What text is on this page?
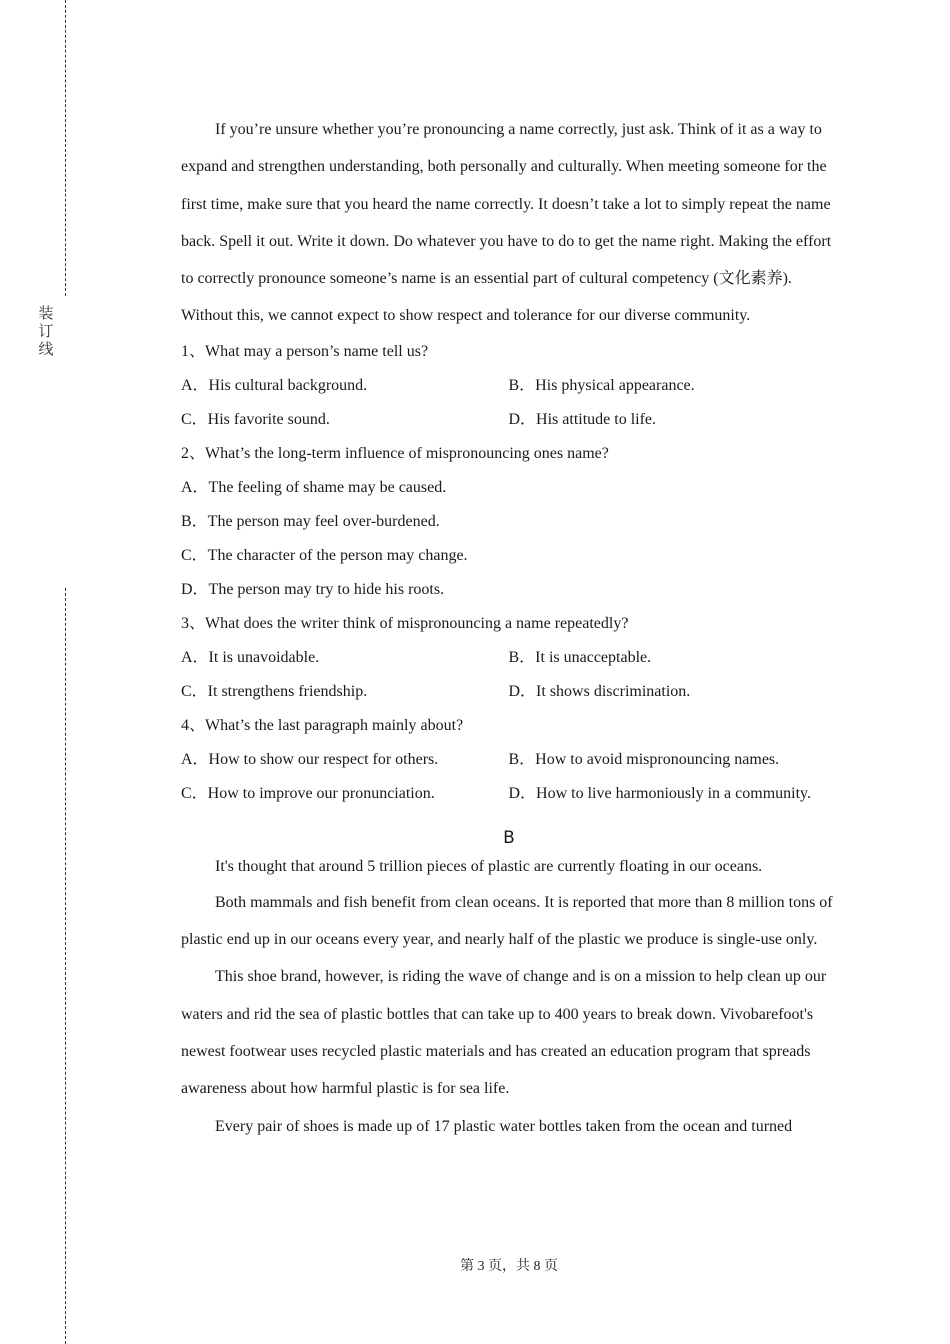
装订线

If you’re unsure whether you’re pronouncing a name correctly, just ask. Think of it as a way to expand and strengthen understanding, both personally and culturally. When meeting someone for the first time, make sure that you heard the name correctly. It doesn’t take a lot to simply repeat the name back. Spell it out. Write it down. Do whatever you have to do to get the name right. Making the effort to correctly pronounce someone’s name is an essential part of cultural competency (文化素养). Without this, we cannot expect to show respect and tolerance for our diverse community.

1、What may a person’s name tell us?
A．His cultural background.	B．His physical appearance.
C．His favorite sound.	D．His attitude to life.
2、What’s the long-term influence of mispronouncing ones name?
A．The feeling of shame may be caused.
B．The person may feel over-burdened.
C．The character of the person may change.
D．The person may try to hide his roots.
3、What does the writer think of mispronouncing a name repeatedly?
A．It is unavoidable.	B．It is unacceptable.
C．It strengthens friendship.	D．It shows discrimination.
4、What’s the last paragraph mainly about?
A．How to show our respect for others.	B．How to avoid mispronouncing names.
C．How to improve our pronunciation.	D．How to live harmoniously in a community.
B
It's thought that around 5 trillion pieces of plastic are currently floating in our oceans.

Both mammals and fish benefit from clean oceans. It is reported that more than 8 million tons of plastic end up in our oceans every year, and nearly half of the plastic we produce is single-use only.

This shoe brand, however, is riding the wave of change and is on a mission to help clean up our waters and rid the sea of plastic bottles that can take up to 400 years to break down. Vivobarefoot's newest footwear uses recycled plastic materials and has created an education program that spreads awareness about how harmful plastic is for sea life.

Every pair of shoes is made up of 17 plastic water bottles taken from the ocean and turned

第 3 页，共 8 页
